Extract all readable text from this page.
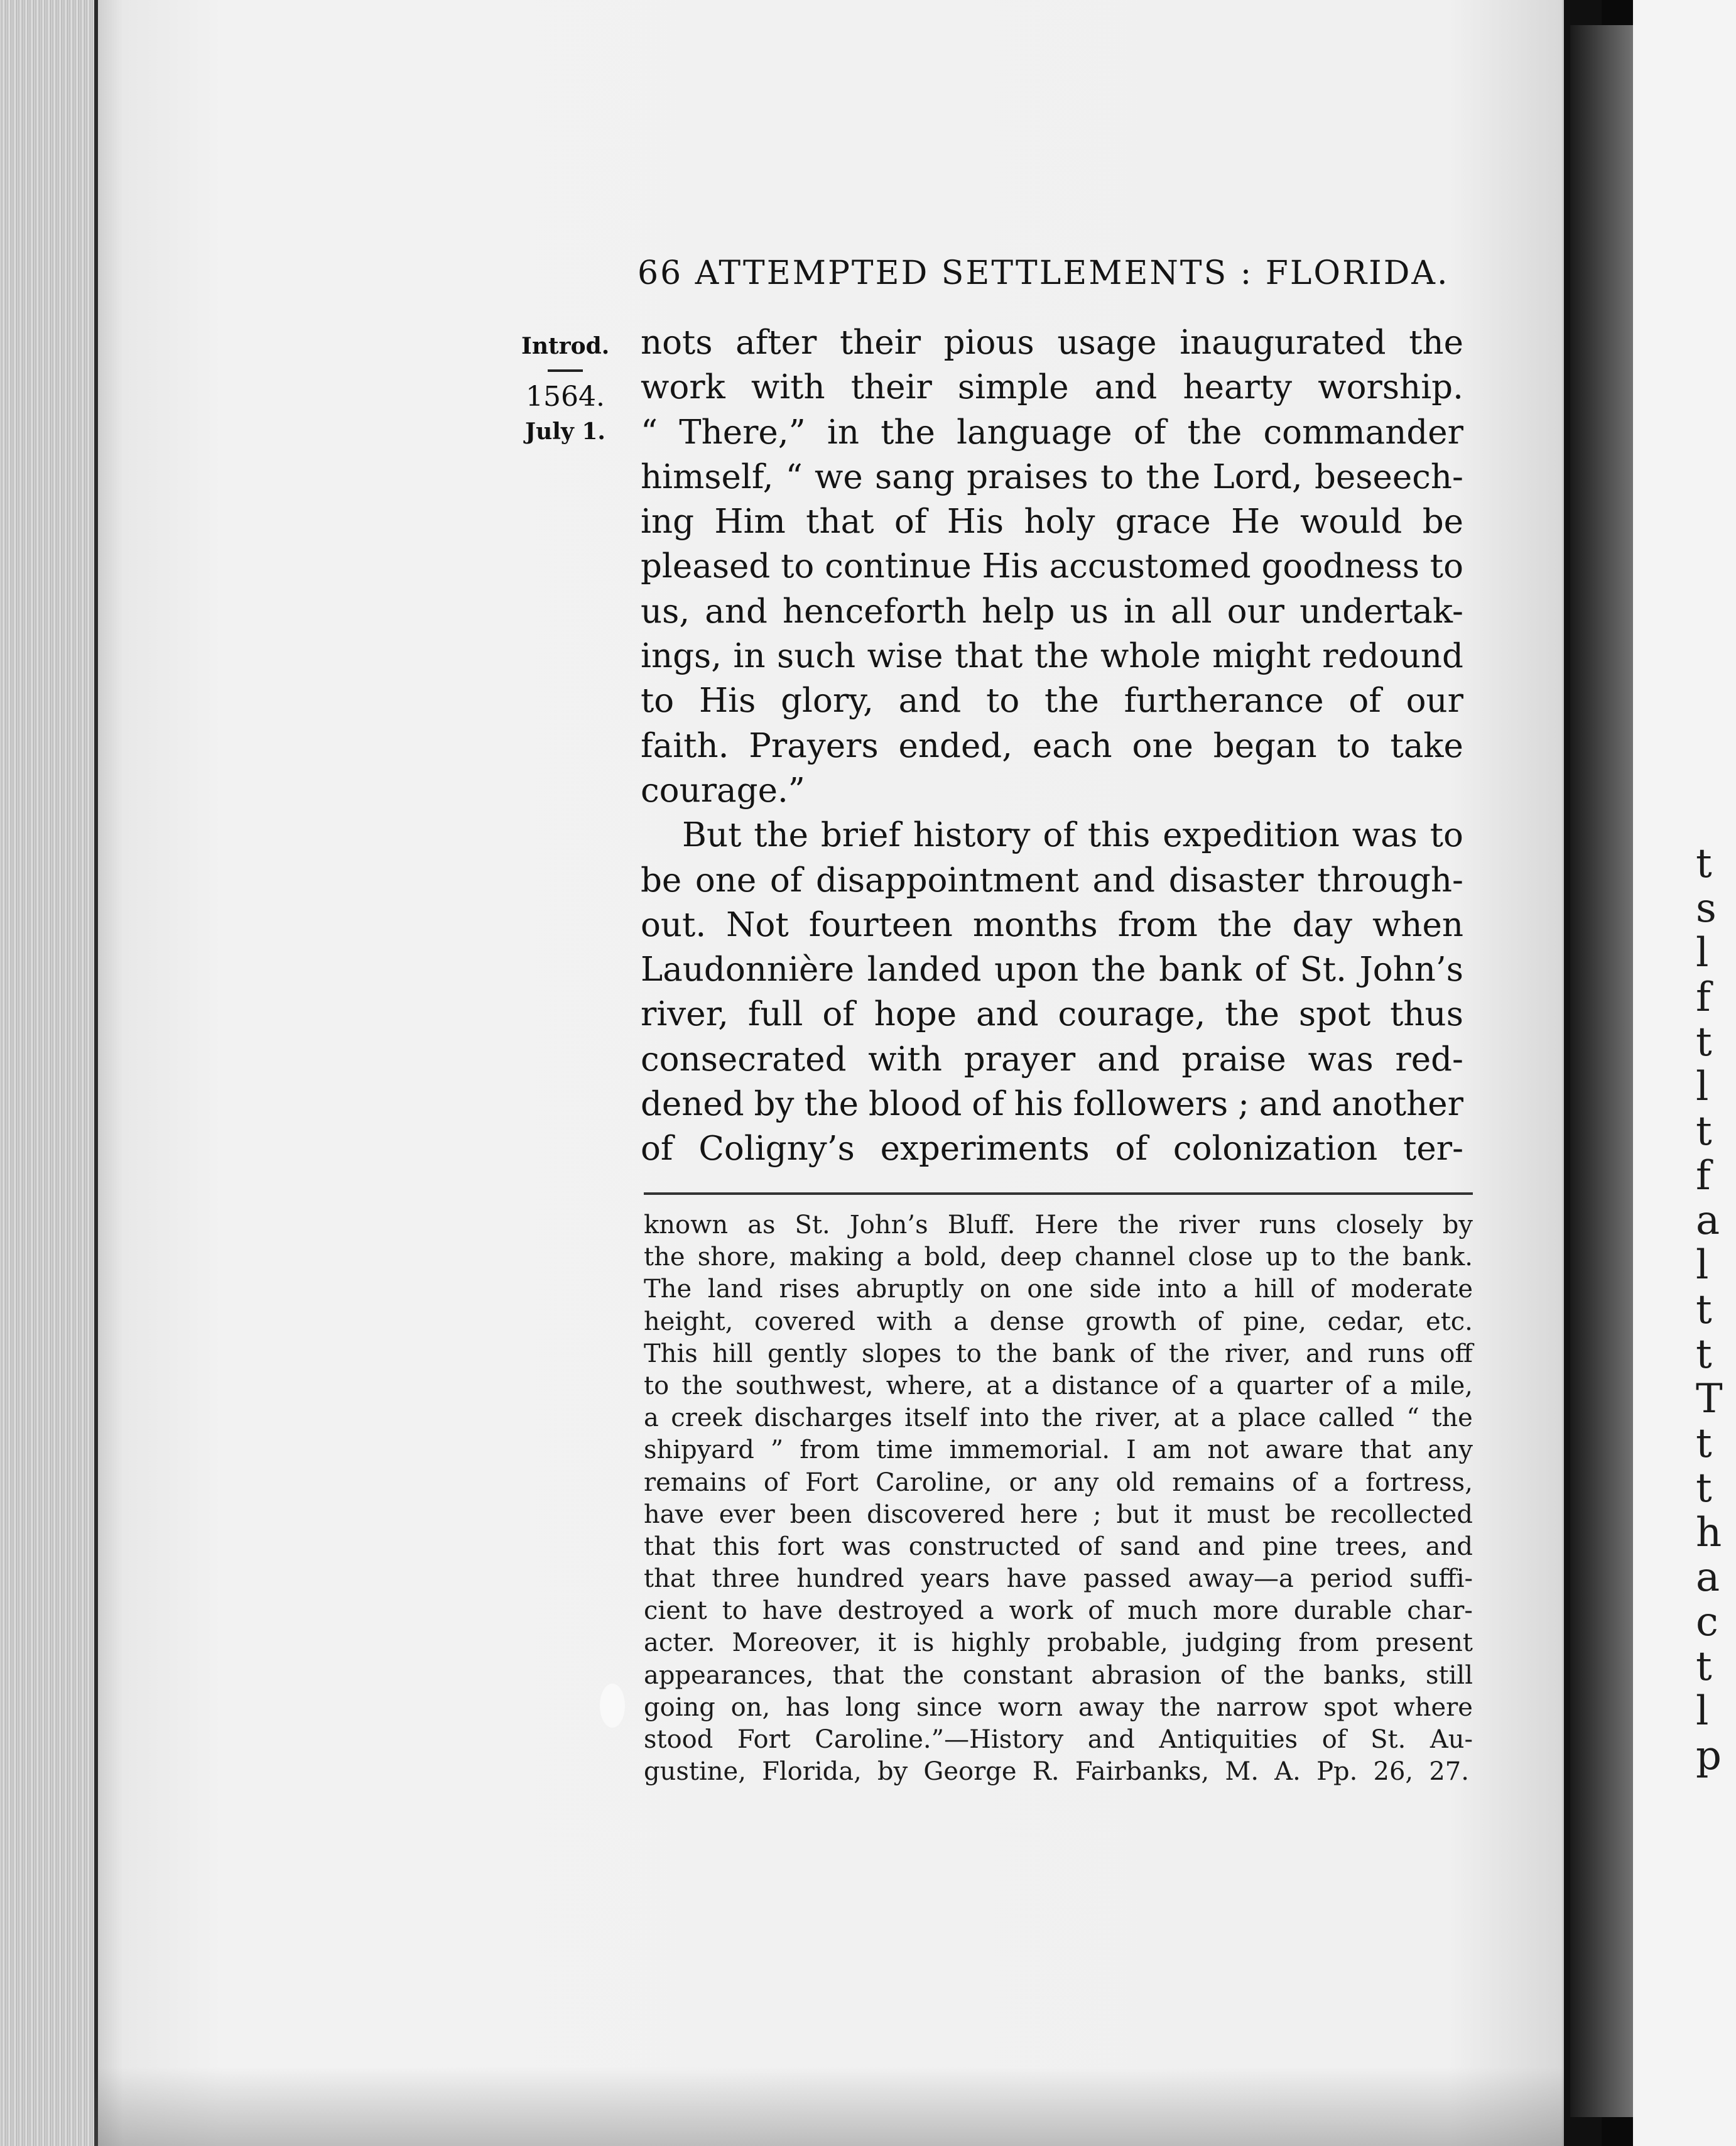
t
s
l
f
t
l
t
f
a
l
t
t
T
t
t
h
a
c
t
l
p
66 ATTEMPTED SETTLEMENTS : FLORIDA.
Introd.
1564.
July 1.
nots after their pious usage inaugurated the
work with their simple and hearty worship.
“ There,” in the language of the commander
himself, “ we sang praises to the Lord, beseech-
ing Him that of His holy grace He would be
pleased to continue His accustomed goodness to
us, and henceforth help us in all our undertak-
ings, in such wise that the whole might redound
to His glory, and to the furtherance of our
faith. Prayers ended, each one began to take
courage.”
But the brief history of this expedition was to
be one of disappointment and disaster through-
out. Not fourteen months from the day when
Laudonnière landed upon the bank of St. John’s
river, full of hope and courage, the spot thus
consecrated with prayer and praise was red-
dened by the blood of his followers ; and another
of Coligny’s experiments of colonization ter-
known as St. John’s Bluff. Here the river runs closely by
the shore, making a bold, deep channel close up to the bank.
The land rises abruptly on one side into a hill of moderate
height, covered with a dense growth of pine, cedar, etc.
This hill gently slopes to the bank of the river, and runs off
to the southwest, where, at a distance of a quarter of a mile,
a creek discharges itself into the river, at a place called “ the
shipyard ” from time immemorial. I am not aware that any
remains of Fort Caroline, or any old remains of a fortress,
have ever been discovered here ; but it must be recollected
that this fort was constructed of sand and pine trees, and
that three hundred years have passed away—a period suffi-
cient to have destroyed a work of much more durable char-
acter. Moreover, it is highly probable, judging from present
appearances, that the constant abrasion of the banks, still
going on, has long since worn away the narrow spot where
stood Fort Caroline.”—History and Antiquities of St. Au-
gustine, Florida, by George R. Fairbanks, M. A. Pp. 26, 27.
